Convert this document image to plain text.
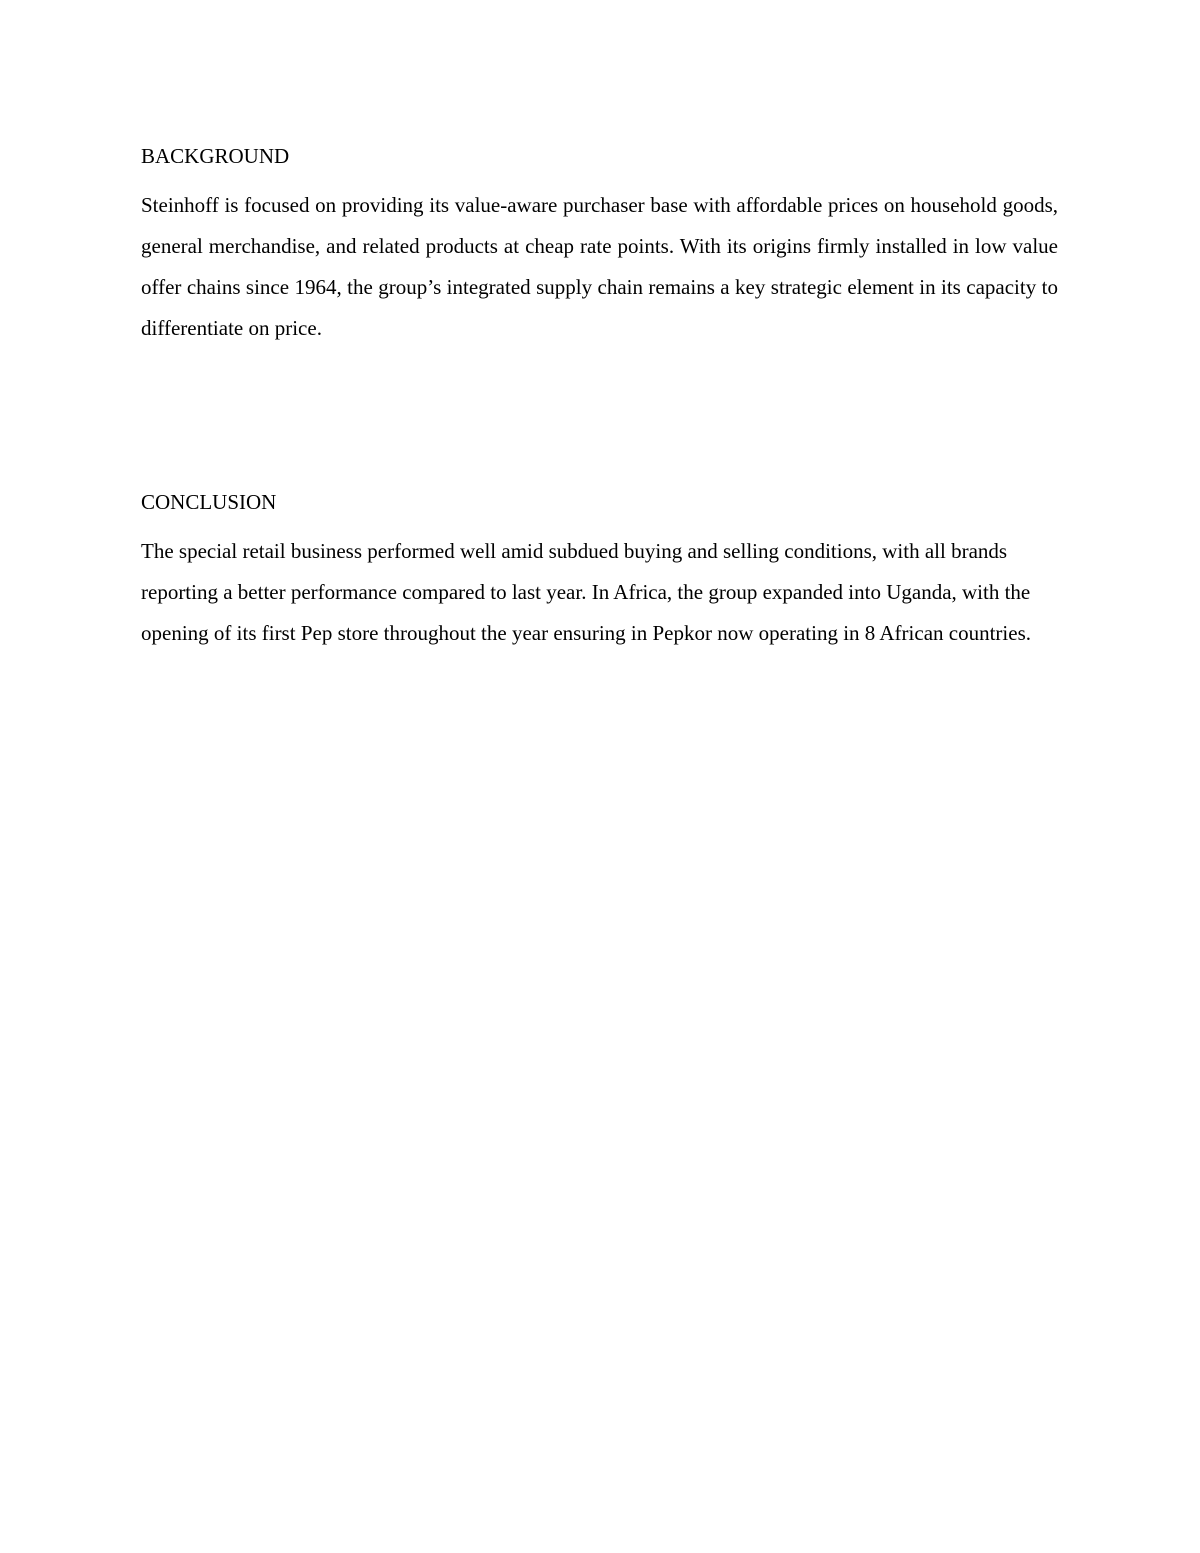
BACKGROUND

Steinhoff is focused on providing its value-aware purchaser base with affordable prices on household goods, general merchandise, and related products at cheap rate points. With its origins firmly installed in low value offer chains since 1964, the group’s integrated supply chain remains a key strategic element in its capacity to differentiate on price.

CONCLUSION

The special retail business performed well amid subdued buying and selling conditions, with all brands reporting a better performance compared to last year. In Africa, the group expanded into Uganda, with the opening of its first Pep store throughout the year ensuring in Pepkor now operating in 8 African countries.
